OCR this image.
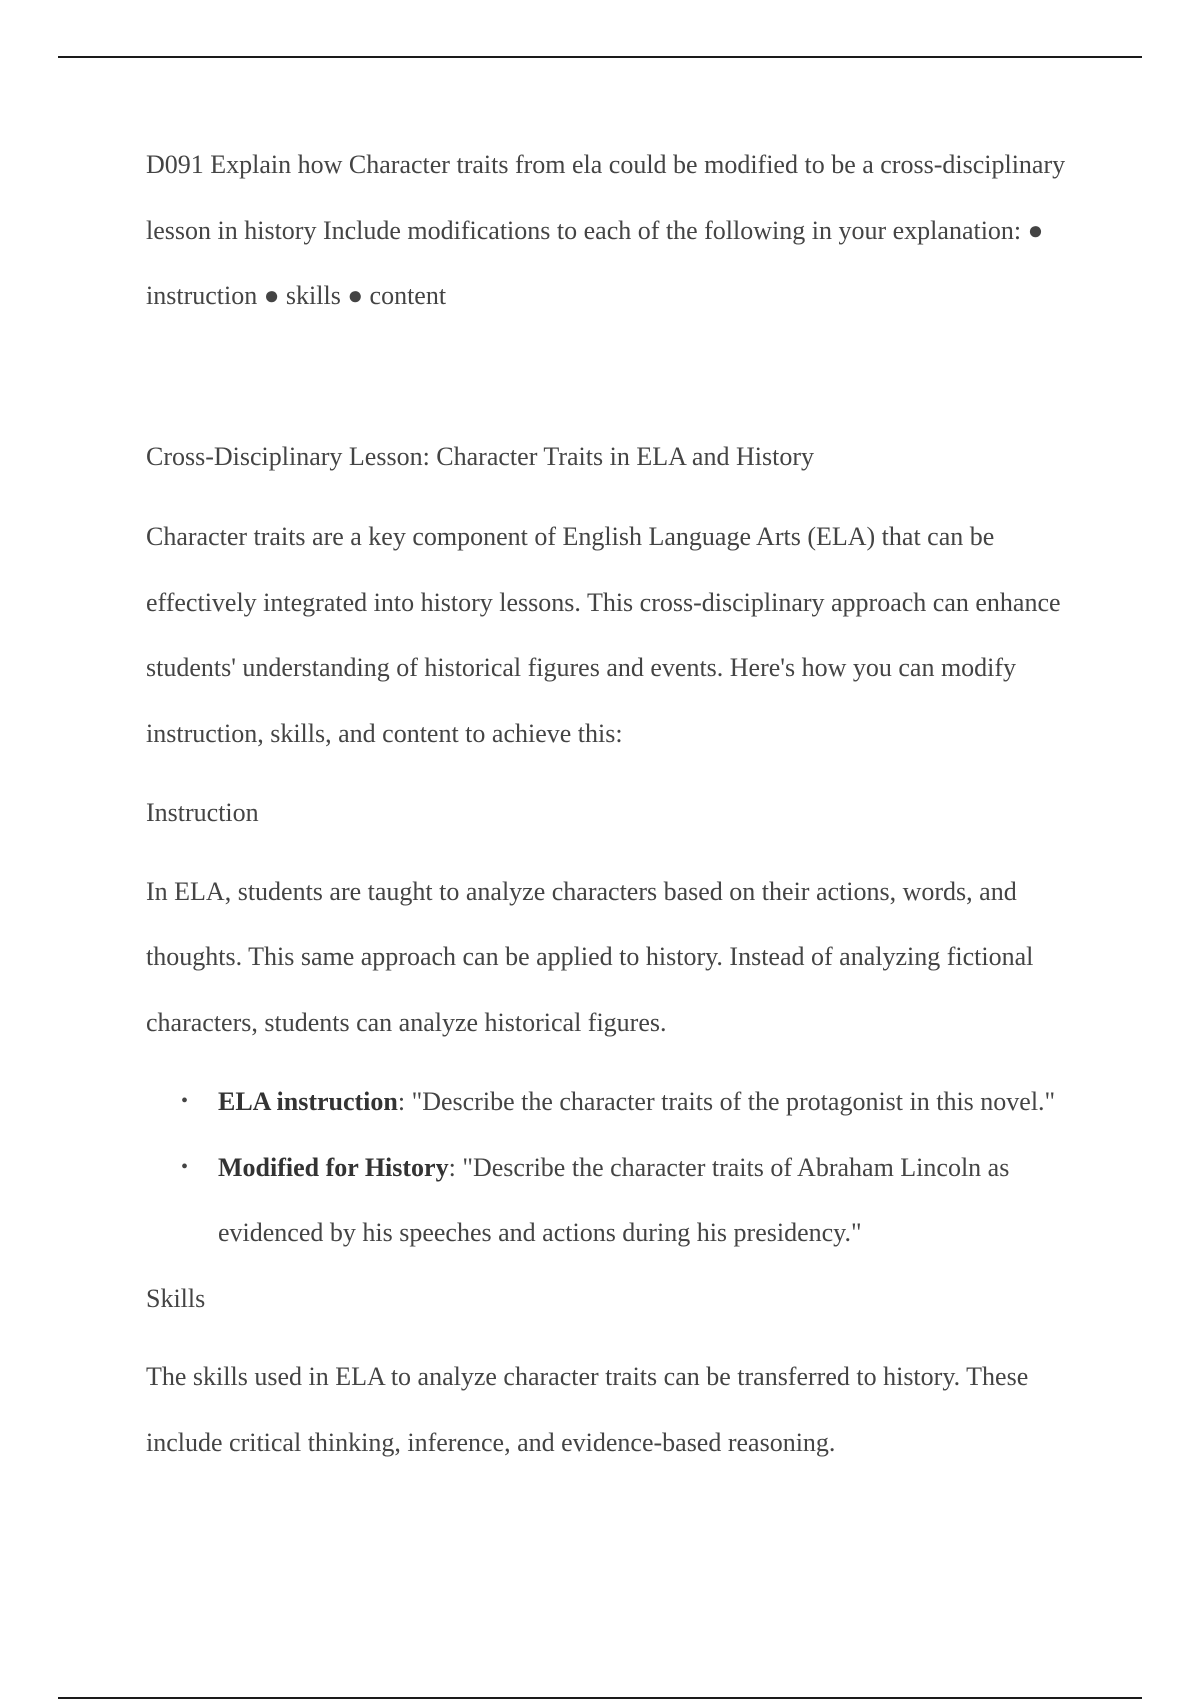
D091 Explain how Character traits from ela could be modified to be a cross-disciplinary lesson in history Include modifications to each of the following in your explanation: ● instruction ● skills ● content

Cross-Disciplinary Lesson: Character Traits in ELA and History

Character traits are a key component of English Language Arts (ELA) that can be effectively integrated into history lessons. This cross-disciplinary approach can enhance students' understanding of historical figures and events. Here's how you can modify instruction, skills, and content to achieve this:

Instruction

In ELA, students are taught to analyze characters based on their actions, words, and thoughts. This same approach can be applied to history. Instead of analyzing fictional characters, students can analyze historical figures.

• ELA instruction: "Describe the character traits of the protagonist in this novel."
• Modified for History: "Describe the character traits of Abraham Lincoln as evidenced by his speeches and actions during his presidency."

Skills

The skills used in ELA to analyze character traits can be transferred to history. These include critical thinking, inference, and evidence-based reasoning.
